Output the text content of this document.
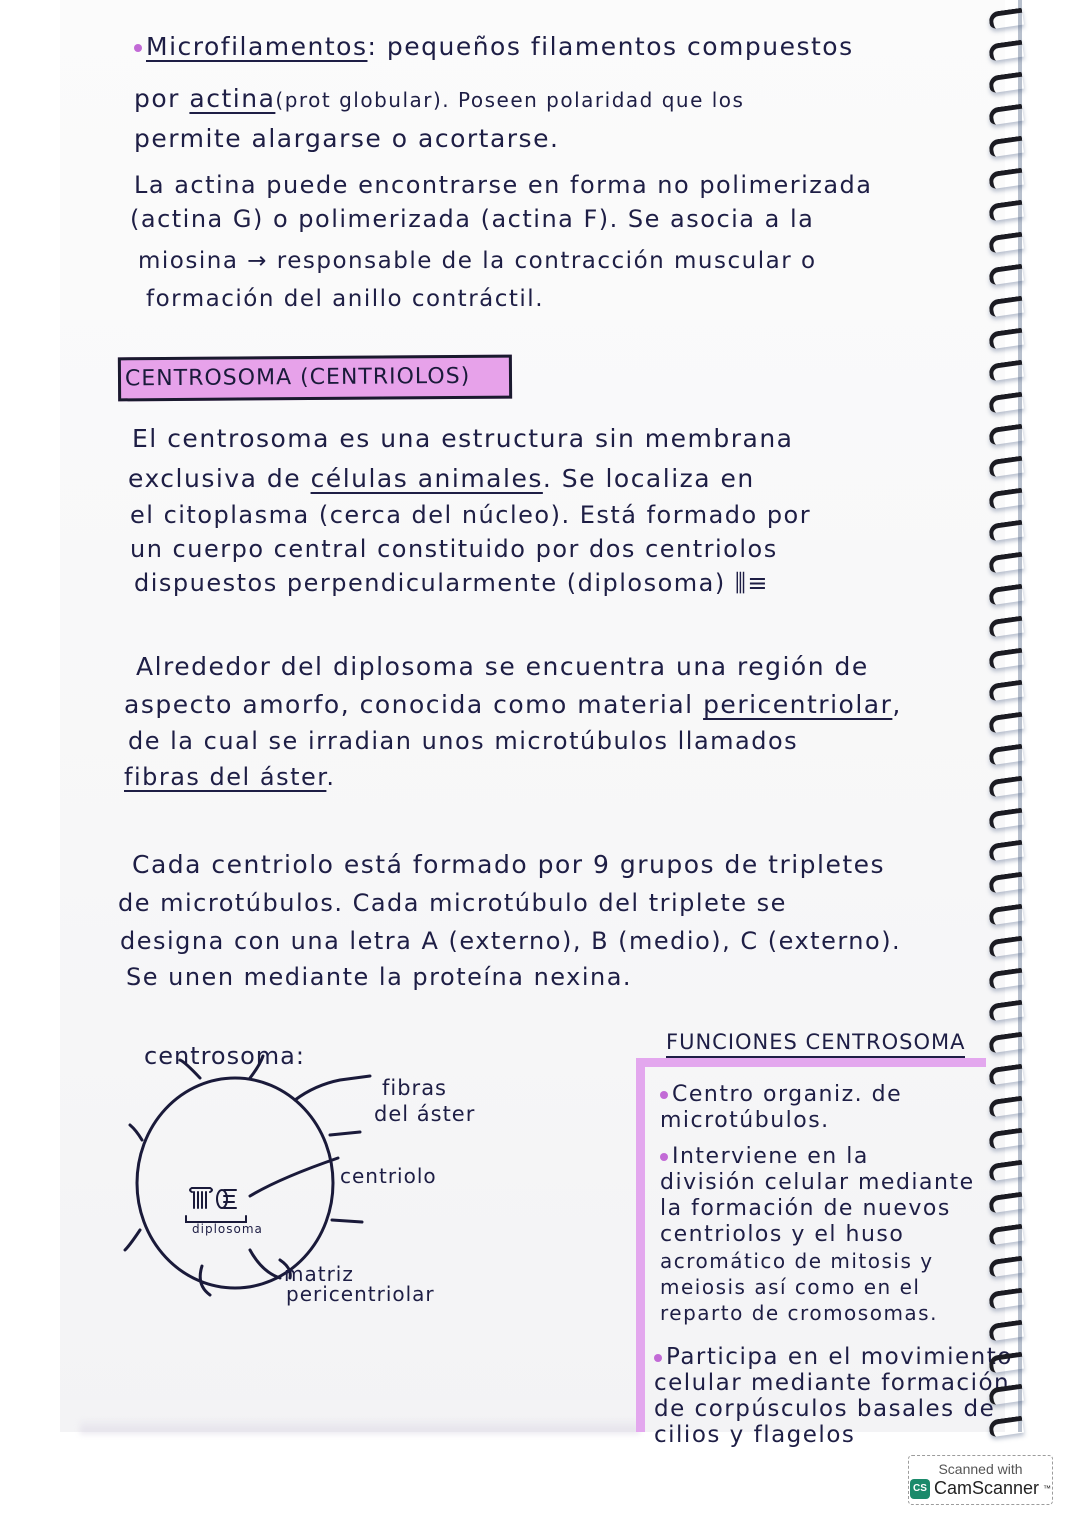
Microfilamentos: pequeños filamentos compuestos
por actina(prot globular). Poseen polaridad que los
permite alargarse o acortarse.
La actina puede encontrarse en forma no polimerizada
(actina G) o polimerizada (actina F). Se asocia a la
miosina → responsable de la contracción muscular o
formación del anillo contráctil.
CENTROSOMA (CENTRIOLOS)
El centrosoma es una estructura sin membrana
exclusiva de células animales. Se localiza en
el citoplasma (cerca del núcleo). Está formado por
un cuerpo central constituido por dos centriolos
dispuestos perpendicularmente (diplosoma) ⫼≡
Alrededor del diplosoma se encuentra una región de
aspecto amorfo, conocida como material pericentriolar,
de la cual se irradian unos microtúbulos llamados
fibras del áster.
Cada centriolo está formado por 9 grupos de tripletes
de microtúbulos. Cada microtúbulo del triplete se
designa con una letra A (externo), B (medio), C (externo).
Se unen mediante la proteína nexina.
centrosoma:
fibras
del áster
centriolo
diplosoma
matriz
pericentriolar
FUNCIONES CENTROSOMA
Centro organiz. de
microtúbulos.
Interviene en la
división celular mediante
la formación de nuevos
centriolos y el huso
acromático de mitosis y
meiosis así como en el
reparto de cromosomas.
Participa en el movimiento
celular mediante formación
de corpúsculos basales de
cilios y flagelos
Scanned with
CS CamScanner ™
